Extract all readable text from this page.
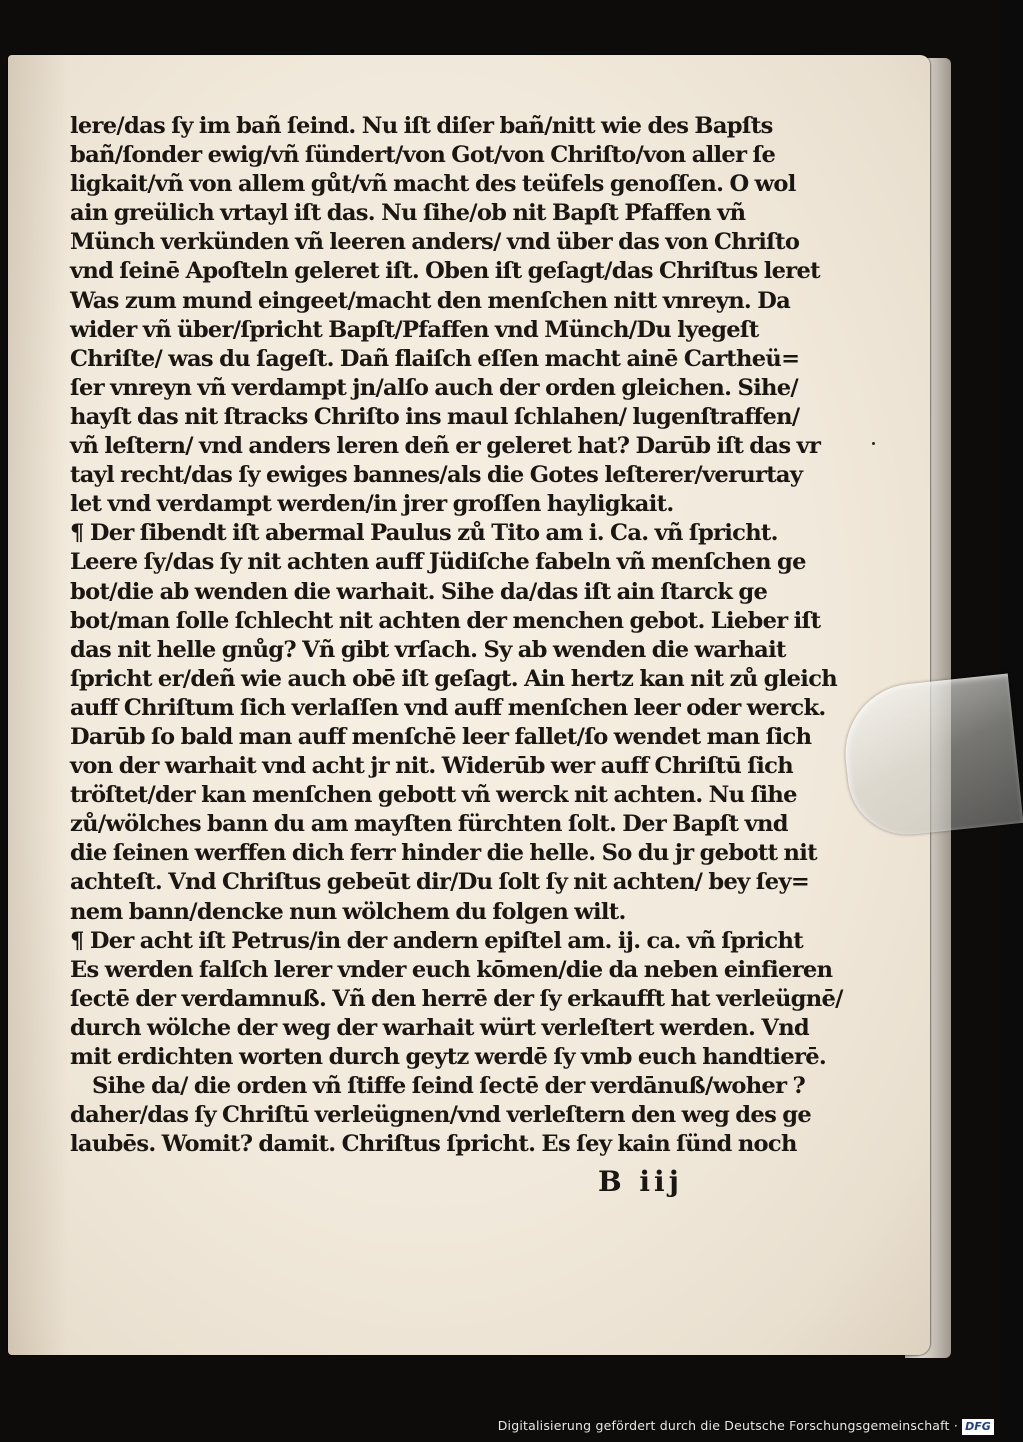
lere/das ſy im bañ ſeind. Nu iſt diſer bañ/nitt wie des Bapſts
bañ/ſonder ewig/vñ ſündert/von Got/von Chriſto/von aller ſe
ligkait/vñ von allem gůt/vñ macht des teüfels genoſſen. O wol
ain greülich vrtayl iſt das. Nu ſihe/ob nit Bapſt Pfaffen vñ
Münch verkünden vñ leeren anders/ vnd über das von Chriſto
vnd ſeinē Apoſteln geleret iſt. Oben iſt geſagt/das Chriſtus leret
Was zum mund eingeet/macht den menſchen nitt vnreyn. Da
wider vñ über/ſpricht Bapſt/Pfaffen vnd Münch/Du lyegeſt
Chriſte/ was du ſageſt. Dañ flaiſch eſſen macht ainē Cartheü=
ſer vnreyn vñ verdampt jn/alſo auch der orden gleichen. Sihe/
hayſt das nit ſtracks Chriſto ins maul ſchlahen/ lugenſtraffen/
vñ leſtern/ vnd anders leren deñ er geleret hat? Darūb iſt das vr
tayl recht/das ſy ewiges bannes/als die Gotes leſterer/verurtay
let vnd verdampt werden/in jrer groſſen hayligkait.
¶ Der ſibendt iſt abermal Paulus zů Tito am i. Ca. vñ ſpricht.
Leere ſy/das ſy nit achten auff Jüdiſche fabeln vñ menſchen ge
bot/die ab wenden die warhait. Sihe da/das iſt ain ſtarck ge
bot/man ſolle ſchlecht nit achten der menchen gebot. Lieber iſt
das nit helle gnůg? Vñ gibt vrſach. Sy ab wenden die warhait
ſpricht er/deñ wie auch obē iſt geſagt. Ain hertz kan nit zů gleich
auff Chriſtum ſich verlaſſen vnd auff menſchen leer oder werck.
Darūb ſo bald man auff menſchē leer fallet/ſo wendet man ſich
von der warhait vnd acht jr nit. Widerūb wer auff Chriſtū ſich
tröſtet/der kan menſchen gebott vñ werck nit achten. Nu ſihe
zů/wölches bann du am mayſten fürchten ſolt. Der Bapſt vnd
die ſeinen werffen dich ferr hinder die helle. So du jr gebott nit
achteſt. Vnd Chriſtus gebeūt dir/Du ſolt ſy nit achten/ bey ſey=
nem bann/dencke nun wölchem du folgen wilt.
¶ Der acht iſt Petrus/in der andern epiſtel am. ij. ca. vñ ſpricht
Es werden falſch lerer vnder euch kōmen/die da neben einfieren
ſectē der verdamnuß. Vñ den herrē der ſy erkaufft hat verleügnē/
durch wölche der weg der warhait würt verleſtert werden. Vnd
mit erdichten worten durch geytz werdē ſy vmb euch handtierē.
Sihe da/ die orden vñ ſtiffe ſeind ſectē der verdānuß/woher ?
daher/das ſy Chriſtū verleügnen/vnd verleſtern den weg des ge
laubēs. Womit? damit. Chriſtus ſpricht. Es ſey kain ſünd noch
B iij
Digitalisierung gefördert durch die Deutsche Forschungsgemeinschaft · DFG
